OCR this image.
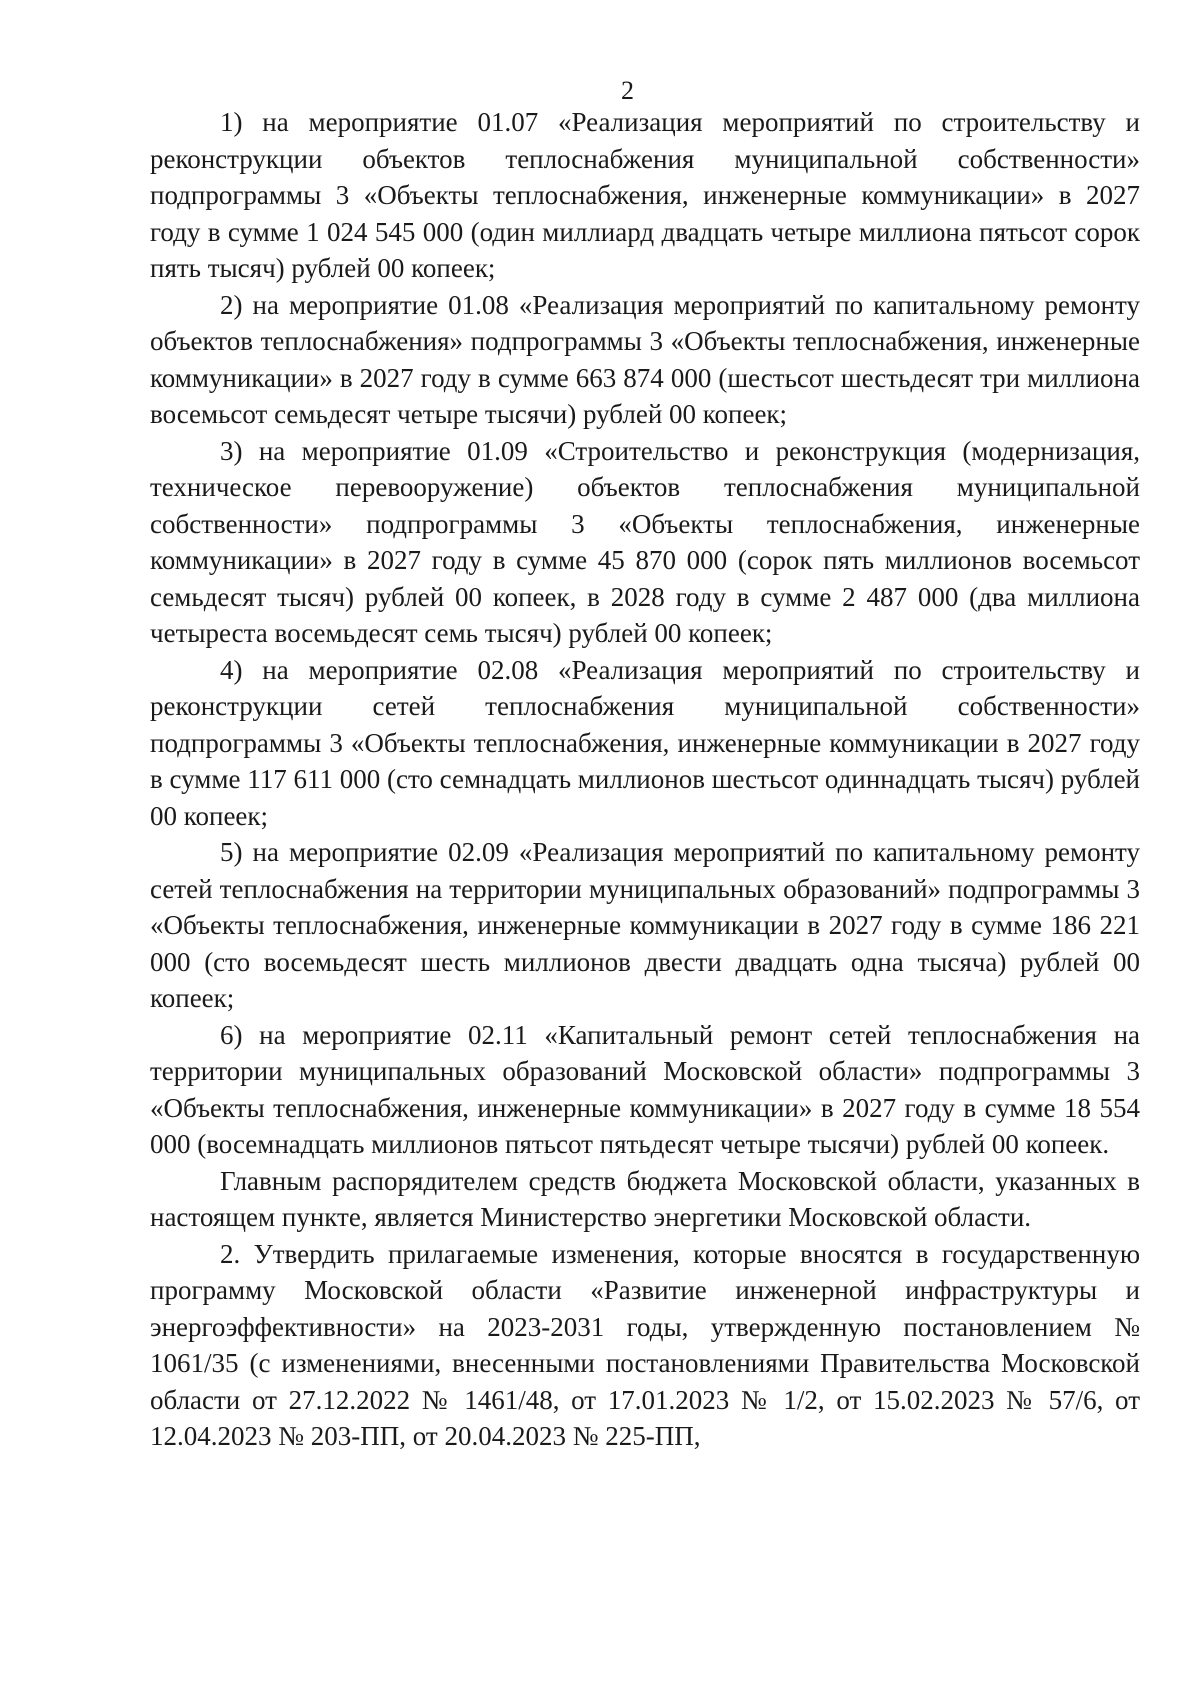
2

1) на мероприятие 01.07 «Реализация мероприятий по строительству и реконструкции объектов теплоснабжения муниципальной собственности» подпрограммы 3 «Объекты теплоснабжения, инженерные коммуникации» в 2027 году в сумме 1 024 545 000 (один миллиард двадцать четыре миллиона пятьсот сорок пять тысяч) рублей 00 копеек;

2) на мероприятие 01.08 «Реализация мероприятий по капитальному ремонту объектов теплоснабжения» подпрограммы 3 «Объекты теплоснабжения, инженерные коммуникации» в 2027 году в сумме 663 874 000 (шестьсот шестьдесят три миллиона восемьсот семьдесят четыре тысячи) рублей 00 копеек;

3) на мероприятие 01.09 «Строительство и реконструкция (модернизация, техническое перевооружение) объектов теплоснабжения муниципальной собственности» подпрограммы 3 «Объекты теплоснабжения, инженерные коммуникации» в 2027 году в сумме 45 870 000 (сорок пять миллионов восемьсот семьдесят тысяч) рублей 00 копеек, в 2028 году в сумме 2 487 000 (два миллиона четыреста восемьдесят семь тысяч) рублей 00 копеек;

4) на мероприятие 02.08 «Реализация мероприятий по строительству и реконструкции сетей теплоснабжения муниципальной собственности» подпрограммы 3 «Объекты теплоснабжения, инженерные коммуникации в 2027 году в сумме 117 611 000 (сто семнадцать миллионов шестьсот одиннадцать тысяч) рублей 00 копеек;

5) на мероприятие 02.09 «Реализация мероприятий по капитальному ремонту сетей теплоснабжения на территории муниципальных образований» подпрограммы 3 «Объекты теплоснабжения, инженерные коммуникации в 2027 году в сумме 186 221 000 (сто восемьдесят шесть миллионов двести двадцать одна тысяча) рублей 00 копеек;

6) на мероприятие 02.11 «Капитальный ремонт сетей теплоснабжения на территории муниципальных образований Московской области» подпрограммы 3 «Объекты теплоснабжения, инженерные коммуникации» в 2027 году в сумме 18 554 000 (восемнадцать миллионов пятьсот пятьдесят четыре тысячи) рублей 00 копеек.

Главным распорядителем средств бюджета Московской области, указанных в настоящем пункте, является Министерство энергетики Московской области.

2. Утвердить прилагаемые изменения, которые вносятся в государственную программу Московской области «Развитие инженерной инфраструктуры и энергоэффективности» на 2023-2031 годы, утвержденную постановлением № 1061/35 (с изменениями, внесенными постановлениями Правительства Московской области от 27.12.2022 № 1461/48, от 17.01.2023 № 1/2, от 15.02.2023 № 57/6, от 12.04.2023 № 203-ПП, от 20.04.2023 № 225-ПП,
